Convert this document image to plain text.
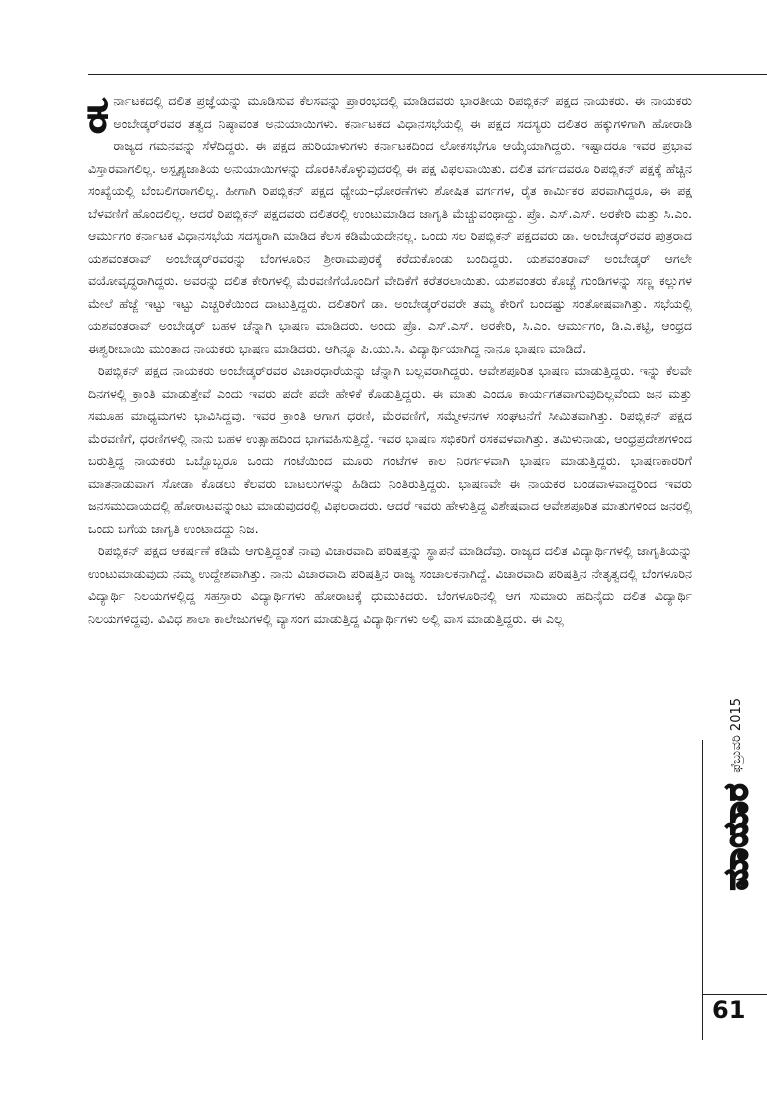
ಕರ್ನಾಟಕದಲ್ಲಿ ದಲಿತ ಪ್ರಜ್ಞೆಯನ್ನು ಮೂಡಿಸುವ ಕೆಲಸವನ್ನು ಪ್ರಾರಂಭದಲ್ಲಿ ಮಾಡಿದವರು ಭಾರತೀಯ ರಿಪಬ್ಲಿಕನ್ ಪಕ್ಷದ ನಾಯಕರು. ಈ ನಾಯಕರು ಅಂಬೇಡ್ಕರ್‌ರವರ ತತ್ವದ ನಿಷ್ಠಾವಂತ ಅನುಯಾಯಿಗಳು. ಕರ್ನಾಟಕದ ವಿಧಾನಸಭೆಯಲ್ಲಿ ಈ ಪಕ್ಷದ ಸದಸ್ಯರು ದಲಿತರ ಹಕ್ಕುಗಳಿಗಾಗಿ ಹೋರಾಡಿ ರಾಜ್ಯದ ಗಮನವನ್ನು ಸೆಳೆದಿದ್ದರು. ಈ ಪಕ್ಷದ ಹುರಿಯಾಳುಗಳು ಕರ್ನಾಟಕದಿಂದ ಲೋಕಸಭೆಗೂ ಆಯ್ಕೆಯಾಗಿದ್ದರು. ಇಷ್ಟಾದರೂ ಇವರ ಪ್ರಭಾವ ವಿಸ್ತಾರವಾಗಲಿಲ್ಲ. ಅಸ್ಪೃಶ್ಯಜಾತಿಯ ಅನುಯಾಯಿಗಳನ್ನು ದೊರಕಿಸಿಕೊಳ್ಳುವುದರಲ್ಲಿ ಈ ಪಕ್ಷ ವಿಫಲವಾಯಿತು. ದಲಿತ ವರ್ಗದವರೂ ರಿಪಬ್ಲಿಕನ್ ಪಕ್ಷಕ್ಕೆ ಹೆಚ್ಚಿನ ಸಂಖ್ಯೆಯಲ್ಲಿ ಬೆಂಬಲಿಗರಾಗಲಿಲ್ಲ. ಹೀಗಾಗಿ ರಿಪಬ್ಲಿಕನ್ ಪಕ್ಷದ ಧ್ಯೇಯ–ಧೋರಣೆಗಳು ಶೋಷಿತ ವರ್ಗಗಳ, ರೈತ ಕಾರ್ಮಿಕರ ಪರವಾಗಿದ್ದರೂ, ಈ ಪಕ್ಷ ಬೆಳವಣಿಗೆ ಹೊಂದಲಿಲ್ಲ. ಆದರೆ ರಿಪಬ್ಲಿಕನ್ ಪಕ್ಷದವರು ದಲಿತರಲ್ಲಿ ಉಂಟುಮಾಡಿದ ಜಾಗೃತಿ ಮೆಚ್ಚುವಂಥಾದ್ದು. ಪ್ರೊ. ಎಸ್.ಎಸ್. ಅರಕೇರಿ ಮತ್ತು ಸಿ.ಎಂ. ಆರ್ಮುಗಂ ಕರ್ನಾಟಕ ವಿಧಾನಸಭೆಯ ಸದಸ್ಯರಾಗಿ ಮಾಡಿದ ಕೆಲಸ ಕಡಿಮೆಯದೇನಲ್ಲ. ಒಂದು ಸಲ ರಿಪಬ್ಲಿಕನ್ ಪಕ್ಷದವರು ಡಾ. ಅಂಬೇಡ್ಕರ್‌ರವರ ಪುತ್ರರಾದ ಯಶವಂತರಾವ್ ಅಂಬೇಡ್ಕರ್‌ರವರನ್ನು ಬೆಂಗಳೂರಿನ ಶ್ರೀರಾಮಪುರಕ್ಕೆ ಕರೆದುಕೊಂಡು ಬಂದಿದ್ದರು. ಯಶವಂತರಾವ್ ಅಂಬೇಡ್ಕರ್ ಆಗಲೇ ವಯೋವೃದ್ಧರಾಗಿದ್ದರು. ಅವರನ್ನು ದಲಿತ ಕೇರಿಗಳಲ್ಲಿ ಮೆರವಣಿಗೆಯೊಂದಿಗೆ ವೇದಿಕೆಗೆ ಕರೆತರಲಾಯಿತು. ಯಶವಂತರು ಕೊಚ್ಚೆ ಗುಂಡಿಗಳನ್ನು ಸಣ್ಣ ಕಲ್ಲುಗಳ ಮೇಲೆ ಹೆಜ್ಜೆ ಇಟ್ಟು ಇಟ್ಟು ಎಚ್ಚರಿಕೆಯಿಂದ ದಾಟುತ್ತಿದ್ದರು. ದಲಿತರಿಗೆ ಡಾ. ಅಂಬೇಡ್ಕರ್‌ರವರೇ ತಮ್ಮ ಕೇರಿಗೆ ಬಂದಷ್ಟು ಸಂತೋಷವಾಗಿತ್ತು. ಸಭೆಯಲ್ಲಿ ಯಶವಂತರಾವ್ ಅಂಬೇಡ್ಕರ್ ಬಹಳ ಚೆನ್ನಾಗಿ ಭಾಷಣ ಮಾಡಿದರು. ಅಂದು ಪ್ರೊ. ಎಸ್.ಎಸ್. ಅರಕೇರಿ, ಸಿ.ಎಂ. ಆರ್ಮುಗಂ, ಡಿ.ಎ.ಕಟ್ಟಿ, ಆಂಧ್ರದ ಈಶ್ವರೀಬಾಯಿ ಮುಂತಾದ ನಾಯಕರು ಭಾಷಣ ಮಾಡಿದರು. ಆಗಿನ್ನೂ ಪಿ.ಯು.ಸಿ. ವಿದ್ಯಾರ್ಥಿಯಾಗಿದ್ದ ನಾನೂ ಭಾಷಣ ಮಾಡಿದೆ.

ರಿಪಬ್ಲಿಕನ್ ಪಕ್ಷದ ನಾಯಕರು ಅಂಬೇಡ್ಕರ್‌ರವರ ವಿಚಾರಧಾರೆಯನ್ನು ಚೆನ್ನಾಗಿ ಬಲ್ಲವರಾಗಿದ್ದರು. ಆವೇಶಪೂರಿತ ಭಾಷಣ ಮಾಡುತ್ತಿದ್ದರು. ಇನ್ನು ಕೆಲವೇ ದಿನಗಳಲ್ಲಿ ಕ್ರಾಂತಿ ಮಾಡುತ್ತೇವೆ ಎಂದು ಇವರು ಪದೇ ಪದೇ ಹೇಳಿಕೆ ಕೊಡುತ್ತಿದ್ದರು. ಈ ಮಾತು ಎಂದೂ ಕಾರ್ಯಗತವಾಗುವುದಿಲ್ಲವೆಂದು ಜನ ಮತ್ತು ಸಮೂಹ ಮಾಧ್ಯಮಗಳು ಭಾವಿಸಿದ್ದವು. ಇವರ ಕ್ರಾಂತಿ ಆಗಾಗ ಧರಣಿ, ಮೆರವಣಿಗೆ, ಸಮ್ಮೇಳನಗಳ ಸಂಘಟನೆಗೆ ಸೀಮಿತವಾಗಿತ್ತು. ರಿಪಬ್ಲಿಕನ್ ಪಕ್ಷದ ಮೆರವಣಿಗೆ, ಧರಣಿಗಳಲ್ಲಿ ನಾನು ಬಹಳ ಉತ್ಸಾಹದಿಂದ ಭಾಗವಹಿಸುತ್ತಿದ್ದೆ. ಇವರ ಭಾಷಣ ಸಭಿಕರಿಗೆ ರಸಕವಳವಾಗಿತ್ತು. ತಮಿಳುನಾಡು, ಆಂಧ್ರಪ್ರದೇಶಗಳಿಂದ ಬರುತ್ತಿದ್ದ ನಾಯಕರು ಒಬ್ಬೊಬ್ಬರೂ ಒಂದು ಗಂಟೆಯಿಂದ ಮೂರು ಗಂಟೆಗಳ ಕಾಲ ನಿರರ್ಗಳವಾಗಿ ಭಾಷಣ ಮಾಡುತ್ತಿದ್ದರು. ಭಾಷಣಕಾರರಿಗೆ ಮಾತನಾಡುವಾಗ ಸೋಡಾ ಕೊಡಲು ಕೆಲವರು ಬಾಟಲುಗಳನ್ನು ಹಿಡಿದು ನಿಂತಿರುತ್ತಿದ್ದರು. ಭಾಷಣವೇ ಈ ನಾಯಕರ ಬಂಡವಾಳವಾದ್ದರಿಂದ ಇವರು ಜನಸಮುದಾಯದಲ್ಲಿ ಹೋರಾಟವನ್ನುಂಟು ಮಾಡುವುದರಲ್ಲಿ ವಿಫಲರಾದರು. ಆದರೆ ಇವರು ಹೇಳುತ್ತಿದ್ದ ವಿಶೇಷವಾದ ಆವೇಶಪೂರಿತ ಮಾತುಗಳಿಂದ ಜನರಲ್ಲಿ ಒಂದು ಬಗೆಯ ಜಾಗೃತಿ ಉಂಟಾದದ್ದು ನಿಜ.

ರಿಪಬ್ಲಿಕನ್ ಪಕ್ಷದ ಆಕರ್ಷಣೆ ಕಡಿಮೆ ಆಗುತ್ತಿದ್ದಂತೆ ನಾವು ವಿಚಾರವಾದಿ ಪರಿಷತ್ತನ್ನು ಸ್ಥಾಪನೆ ಮಾಡಿದೆವು. ರಾಜ್ಯದ ದಲಿತ ವಿದ್ಯಾರ್ಥಿಗಳಲ್ಲಿ ಜಾಗೃತಿಯನ್ನು ಉಂಟುಮಾಡುವುದು ನಮ್ಮ ಉದ್ದೇಶವಾಗಿತ್ತು. ನಾನು ವಿಚಾರವಾದಿ ಪರಿಷತ್ತಿನ ರಾಜ್ಯ ಸಂಚಾಲಕನಾಗಿದ್ದೆ. ವಿಚಾರವಾದಿ ಪರಿಷತ್ತಿನ ನೇತೃತ್ವದಲ್ಲಿ ಬೆಂಗಳೂರಿನ ವಿದ್ಯಾರ್ಥಿ ನಿಲಯಗಳಲ್ಲಿದ್ದ ಸಹಸ್ರಾರು ವಿದ್ಯಾರ್ಥಿಗಳು ಹೋರಾಟಕ್ಕೆ ಧುಮುಕಿದರು. ಬೆಂಗಳೂರಿನಲ್ಲಿ ಆಗ ಸುಮಾರು ಹದಿನೈದು ದಲಿತ ವಿದ್ಯಾರ್ಥಿ ನಿಲಯಗಳಿದ್ದವು. ವಿವಿಧ ಶಾಲಾ ಕಾಲೇಜುಗಳಲ್ಲಿ ವ್ಯಾಸಂಗ ಮಾಡುತ್ತಿದ್ದ ವಿದ್ಯಾರ್ಥಿಗಳು ಅಲ್ಲಿ ವಾಸ ಮಾಡುತ್ತಿದ್ದರು. ಈ ಎಲ್ಲ

ಮಾಯಾರ
ಫೆಬ್ರುವರಿ 2015
61
